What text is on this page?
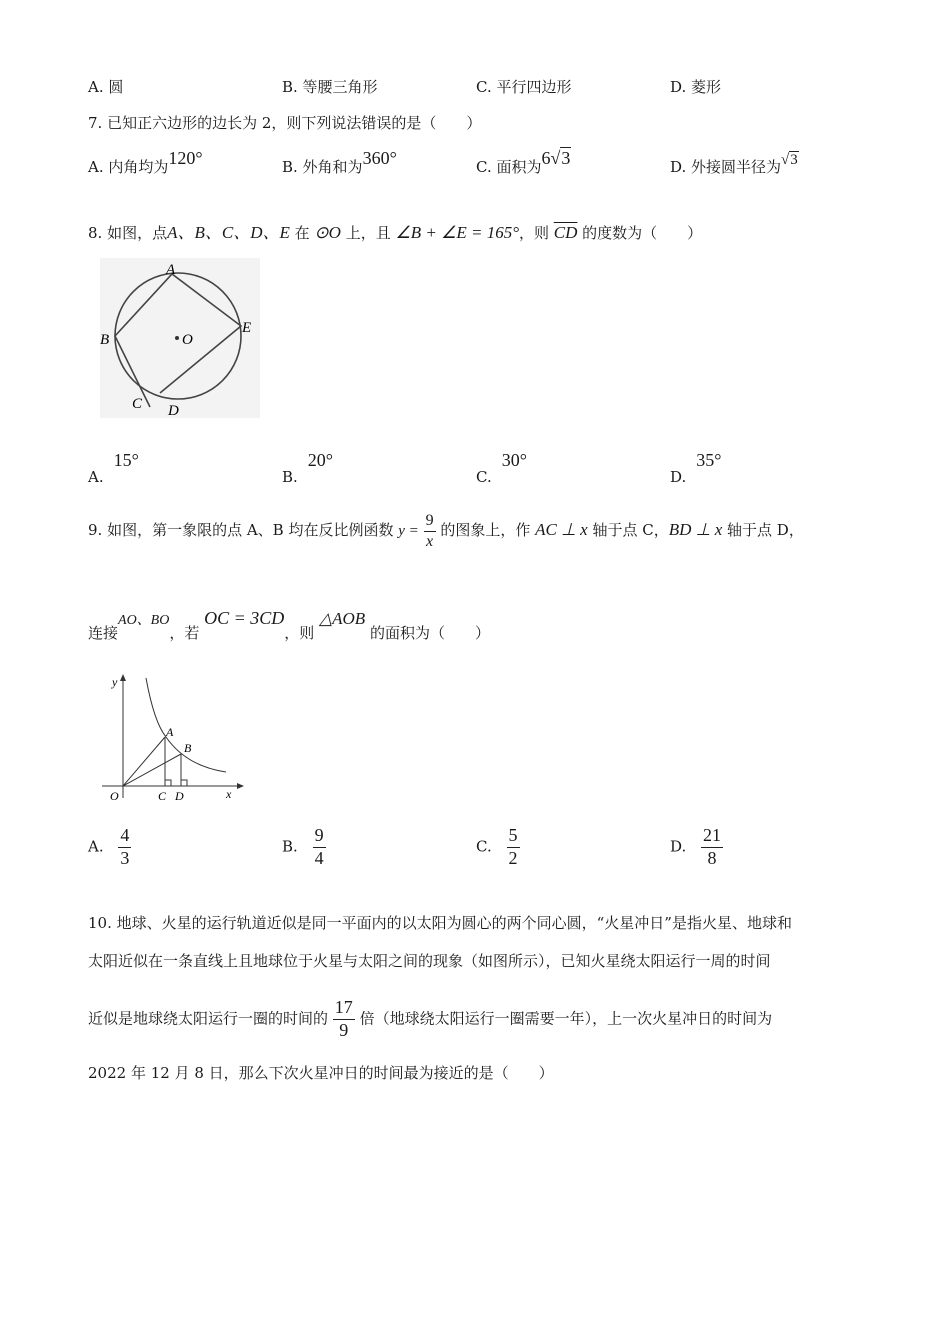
A. 圆	B. 等腰三角形	C. 平行四边形	D. 菱形
7. 已知正六边形的边长为 2，则下列说法错误的是（　　）
A. 内角均为120°	B. 外角和为360°	C. 面积为6√3	D. 外接圆半径为√3
8. 如图，点A、B、C、D、E 在 ⊙O 上，且 ∠B + ∠E = 165°，则 $\overline{CD}$ 的度数为（　　）
A
B
C D
E
O
A.15°
B.20°
C.30°
D.35°
9. 如图，第一象限的点 A、B 均在反比例函数 $y = \frac{9}{x}$ 的图象上，作 AC ⊥ x 轴于点 C，BD ⊥ x 轴于点 D，
连接AO、BO，若 OC = 3CD，则 △AOB 的面积为（　　）
y
x
O
A
B
C D
A. $\frac{4}{3}$	B. $\frac{9}{4}$	C. $\frac{5}{2}$	D. $\frac{21}{8}$
10. 地球、火星的运行轨道近似是同一平面内的以太阳为圆心的两个同心圆，“火星冲日”是指火星、地球和
太阳近似在一条直线上且地球位于火星与太阳之间的现象（如图所示），已知火星绕太阳运行一周的时间
近似是地球绕太阳运行一圈的时间的 $\frac{17}{9}$ 倍（地球绕太阳运行一圈需要一年），上一次火星冲日的时间为
2022 年 12 月 8 日，那么下次火星冲日的时间最为接近的是（　　）
